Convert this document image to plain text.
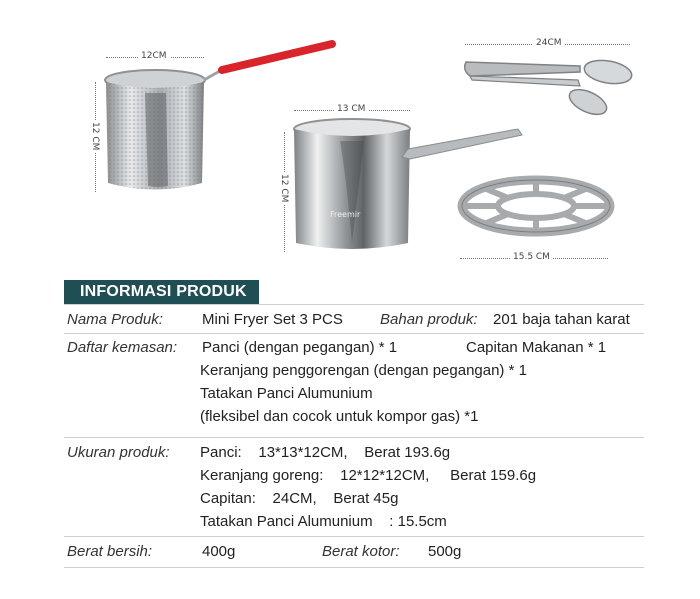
12CM
12 CM
13 CM
12 CM
Freemir
24CM
15.5 CM
INFORMASI PRODUK
Nama Produk:	Mini Fryer Set 3 PCS Bahan produk: 201 baja tahan karat
Daftar kemasan: Panci (dengan pegangan) * 1	Capitan Makanan * 1
Keranjang penggorengan (dengan pegangan) * 1
Tatakan Panci Alumunium
(fleksibel dan cocok untuk kompor gas) *1
Ukuran produk: Panci:    13*13*12CM,    Berat 193.6g
Keranjang goreng:    12*12*12CM,     Berat 159.6g
Capitan:    24CM,    Berat 45g
Tatakan Panci Alumunium    : 15.5cm
Berat bersih:	400g	Berat kotor: 500g
